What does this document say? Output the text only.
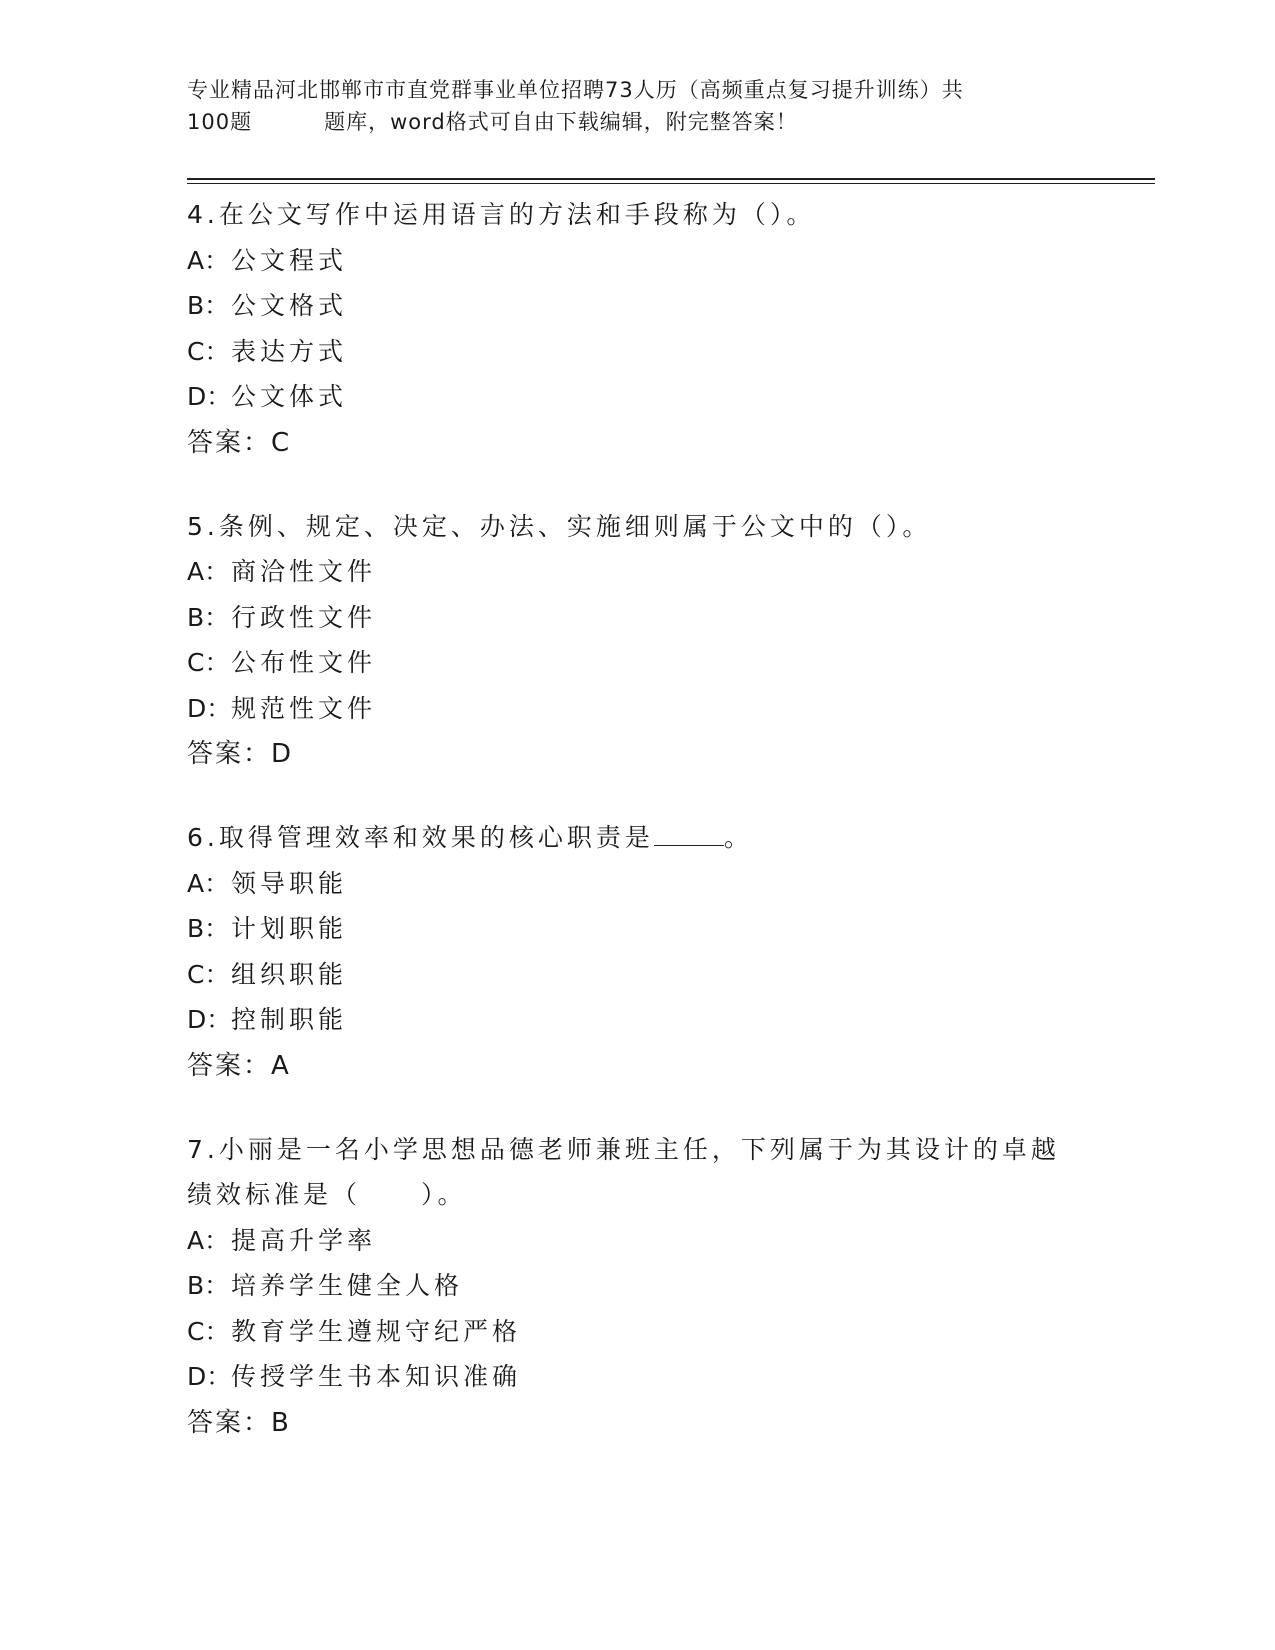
专业精品河北邯郸市市直党群事业单位招聘73人历（高频重点复习提升训练）共
100题	题库，word格式可自由下载编辑，附完整答案！
4.在公文写作中运用语言的方法和手段称为（）。
A：公文程式
B：公文格式
C：表达方式
D：公文体式
答案：C
5.条例、规定、决定、办法、实施细则属于公文中的（）。
A：商洽性文件
B：行政性文件
C：公布性文件
D：规范性文件
答案：D
6.取得管理效率和效果的核心职责是	。
A：领导职能
B：计划职能
C：组织职能
D：控制职能
答案：A
7.小丽是一名小学思想品德老师兼班主任，下列属于为其设计的卓越
绩效标准是（ ）。
A：提高升学率
B：培养学生健全人格
C：教育学生遵规守纪严格
D：传授学生书本知识准确
答案：B
